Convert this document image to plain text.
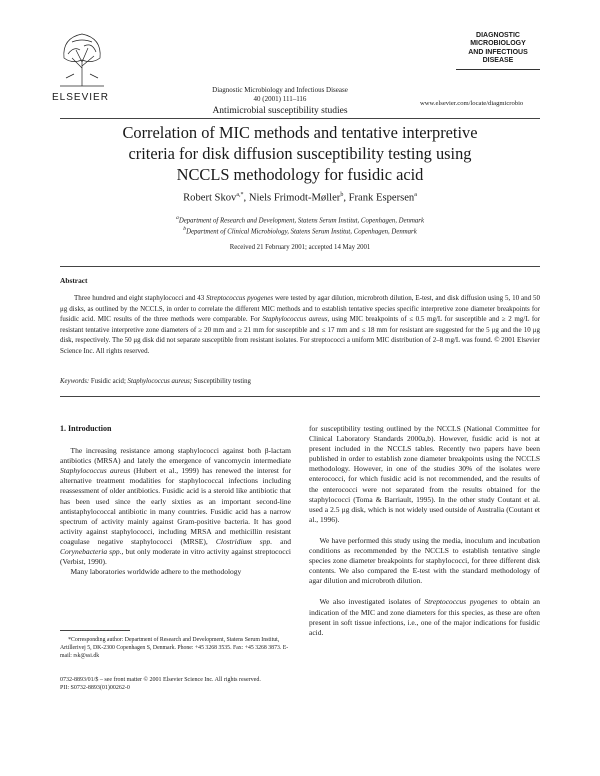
ELSEVIER
Diagnostic Microbiology and Infectious Disease
40 (2001) 111–116
Antimicrobial susceptibility studies
DIAGNOSTIC
MICROBIOLOGY
AND INFECTIOUS
DISEASE
www.elsevier.com/locate/diagmicrobio
Correlation of MIC methods and tentative interpretive
criteria for disk diffusion susceptibility testing using
NCCLS methodology for fusidic acid
Robert Skov$^{a,*}$, Niels Frimodt-Møller$^b$, Frank Espersen$^a$
$^a$Department of Research and Development, Statens Serum Institut, Copenhagen, Denmark
$^b$Department of Clinical Microbiology, Statens Serum Institut, Copenhagen, Denmark
Received 21 February 2001; accepted 14 May 2001
Abstract
Three hundred and eight staphylococci and 43 Streptococcus pyogenes were tested by agar dilution, microbroth dilution, E-test, and disk diffusion using 5, 10 and 50 μg disks, as outlined by the NCCLS, in order to correlate the different MIC methods and to establish tentative species specific interpretive zone diameter breakpoints for fusidic acid. MIC results of the three methods were comparable. For Staphylococcus aureus, using MIC breakpoints of ≤ 0.5 mg/L for susceptible and ≥ 2 mg/L for resistant tentative interpretive zone diameters of ≥ 20 mm and ≥ 21 mm for susceptible and ≤ 17 mm and ≤ 18 mm for resistant are suggested for the 5 μg and the 10 μg disk, respectively. The 50 μg disk did not separate susceptible from resistant isolates. For streptococci a uniform MIC distribution of 2–8 mg/L was found. © 2001 Elsevier Science Inc. All rights reserved.
Keywords: Fusidic acid; Staphylococcus aureus; Susceptibility testing
1. Introduction

The increasing resistance among staphylococci against both β-lactam antibiotics (MRSA) and lately the emergence of vancomycin intermediate Staphylococcus aureus (Hubert et al., 1999) has renewed the interest for alternative treatment modalities for staphylococcal infections including reassessment of older antibiotics. Fusidic acid is a steroid like antibiotic that has been used since the early sixties as an important second-line antistaphylococcal antibiotic in many countries. Fusidic acid has a narrow spectrum of activity mainly against Gram-positive bacteria. It has good activity against staphylococci, including MRSA and methicillin resistant coagulase negative staphylococci (MRSE), Clostridium spp. and Corynebacteria spp., but only moderate in vitro activity against streptococci (Verbist, 1990).

Many laboratories worldwide adhere to the methodology

*Corresponding author: Department of Research and Development, Statens Serum Institut, Artillerivej 5, DK-2300 Copenhagen S, Denmark. Phone: +45 3268 3535. Fax: +45 3268 3873. E-mail: rsk@ssi.dk

for susceptibility testing outlined by the NCCLS (National Committee for Clinical Laboratory Standards 2000a,b). However, fusidic acid is not at present included in the NCCLS tables. Recently two papers have been published in order to establish zone diameter breakpoints using the NCCLS methodology. However, in one of the studies 30% of the isolates were enterococci, for which fusidic acid is not recommended, and the results of the enterococci were not separated from the results obtained for the staphylococci (Toma & Barriault, 1995). In the other study Coutant et al. used a 2.5 μg disk, which is not widely used outside of Australia (Coutant et al., 1996).

We have performed this study using the media, inoculum and incubation conditions as recommended by the NCCLS to establish tentative single species zone diameter breakpoints for staphylococci, for three different disk contents. We also compared the E-test with the standard methodology of agar dilution and microbroth dilution.

We also investigated isolates of Streptococcus pyogenes to obtain an indication of the MIC and zone diameters for this species, as these are often present in soft tissue infections, i.e., one of the major indications for fusidic acid.

0732-8893/01/$ – see front matter © 2001 Elsevier Science Inc. All rights reserved.
PII: S0732-8893(01)00262-0
